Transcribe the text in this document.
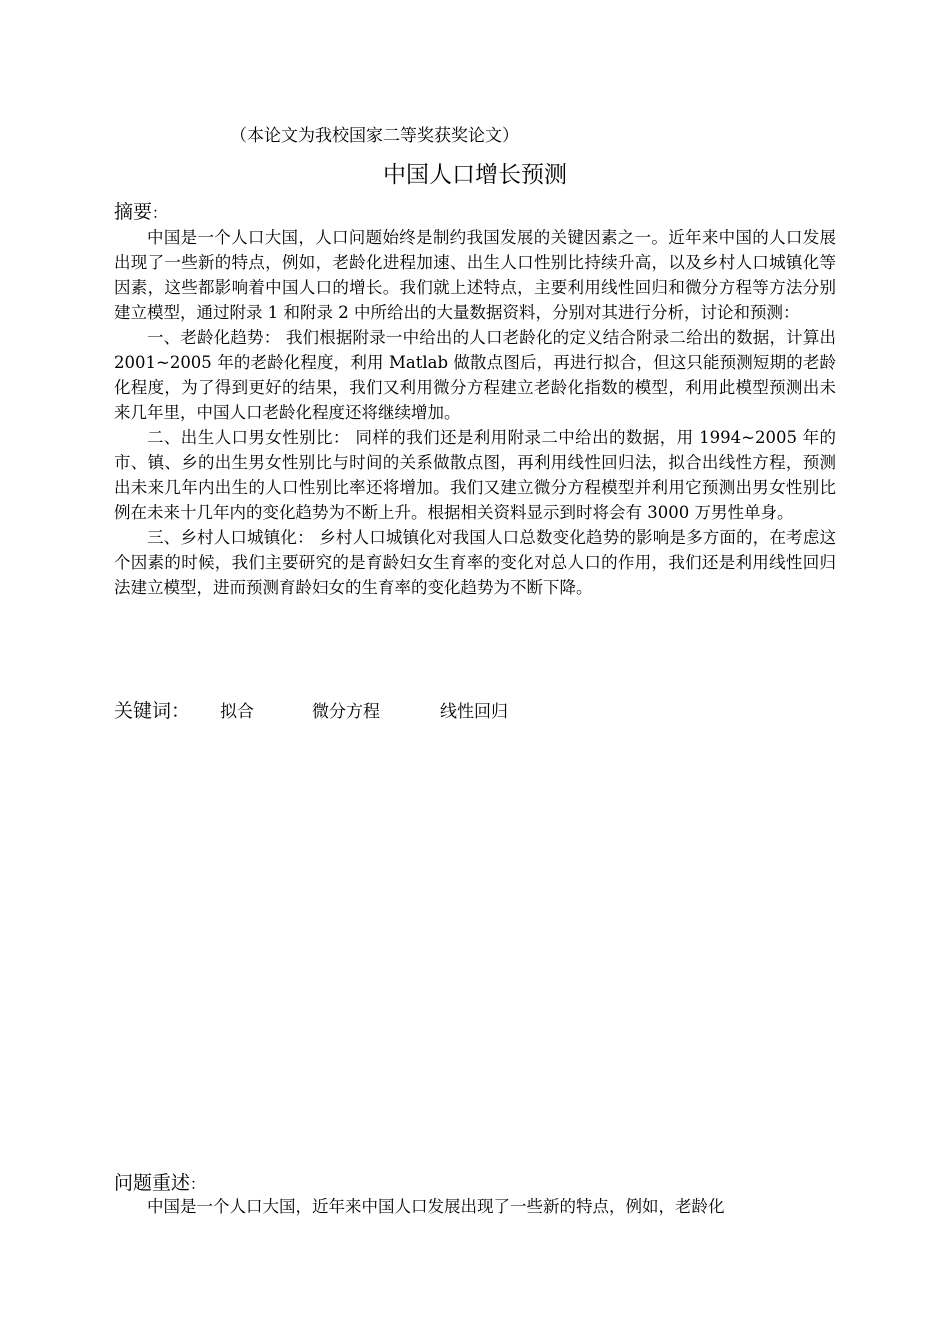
（本论文为我校国家二等奖获奖论文）
中国人口增长预测
摘要：

中国是一个人口大国，人口问题始终是制约我国发展的关键因素之一。近年来中国的人口发展出现了一些新的特点，例如，老龄化进程加速、出生人口性别比持续升高，以及乡村人口城镇化等因素，这些都影响着中国人口的增长。我们就上述特点，主要利用线性回归和微分方程等方法分别建立模型，通过附录 1 和附录 2 中所给出的大量数据资料，分别对其进行分析，讨论和预测：

一、老龄化趋势： 我们根据附录一中给出的人口老龄化的定义结合附录二给出的数据，计算出 2001~2005 年的老龄化程度，利用 Matlab 做散点图后，再进行拟合，但这只能预测短期的老龄化程度，为了得到更好的结果，我们又利用微分方程建立老龄化指数的模型，利用此模型预测出未来几年里，中国人口老龄化程度还将继续增加。

二、出生人口男女性别比： 同样的我们还是利用附录二中给出的数据，用 1994~2005 年的市、镇、乡的出生男女性别比与时间的关系做散点图，再利用线性回归法，拟合出线性方程，预测出未来几年内出生的人口性别比率还将增加。我们又建立微分方程模型并利用它预测出男女性别比例在未来十几年内的变化趋势为不断上升。根据相关资料显示到时将会有 3000 万男性单身。

三、乡村人口城镇化： 乡村人口城镇化对我国人口总数变化趋势的影响是多方面的，在考虑这个因素的时候，我们主要研究的是育龄妇女生育率的变化对总人口的作用，我们还是利用线性回归法建立模型，进而预测育龄妇女的生育率的变化趋势为不断下降。

关键词： 拟合	微分方程	线性回归
问题重述：

中国是一个人口大国，近年来中国人口发展出现了一些新的特点，例如，老龄化
